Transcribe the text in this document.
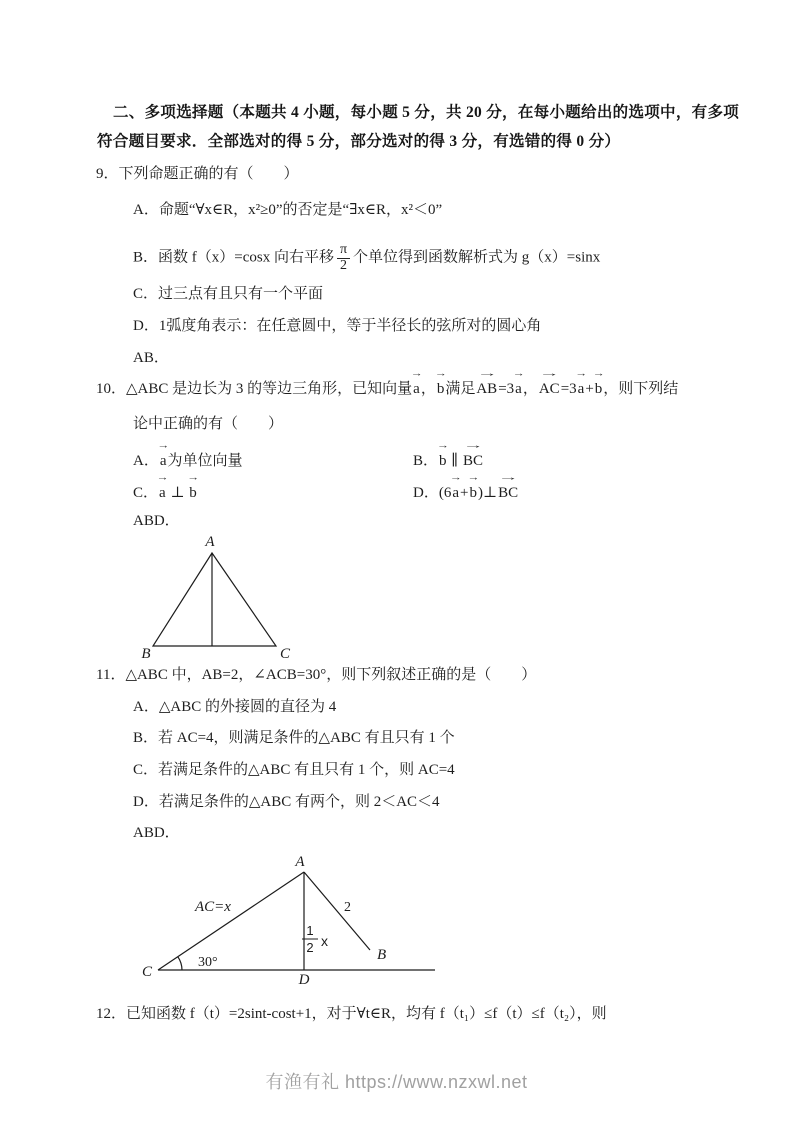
二、多项选择题（本题共 4 小题，每小题 5 分，共 20 分，在每小题给出的选项中，有多项
符合题目要求．全部选对的得 5 分，部分选对的得 3 分，有选错的得 0 分）
9．下列命题正确的有（　　）
A．命题“∀x∈R，x²≥0”的否定是“∃x∈R，x²＜0”
B．函数 f（x）=cosx 向右平移 $\frac{\pi}{2}$ 个单位得到函数解析式为 g（x）=sinx
C．过三点有且只有一个平面
D．1弧度角表示：在任意圆中，等于半径长的弦所对的圆心角
AB．
10．△ABC 是边长为 3 的等边三角形，已知向量→ a，→ b满足→ AB=3→ a，→ AC=3→ a+→ b，则下列结
论中正确的有（　　）
A．→ a为单位向量	B．→ b ∥ → BC
C．→ a ⊥ → b	D．(6→ a+→ b)⊥→ BC
ABD．
A
B	C
11．△ABC 中，AB=2，∠ACB=30°，则下列叙述正确的是（　　）
A．△ABC 的外接圆的直径为 4
B．若 AC=4，则满足条件的△ABC 有且只有 1 个
C．若满足条件的△ABC 有且只有 1 个，则 AC=4
D．若满足条件的△ABC 有两个，则 2＜AC＜4
ABD．
A
C	D
B
AC=x
30°
2
1
2 x
12．已知函数 f（t）=2sint-cost+1，对于∀t∈R，均有 f（t₁）≤f（t）≤f（t₂），则
有渔有礼 https://www.nzxwl.net
